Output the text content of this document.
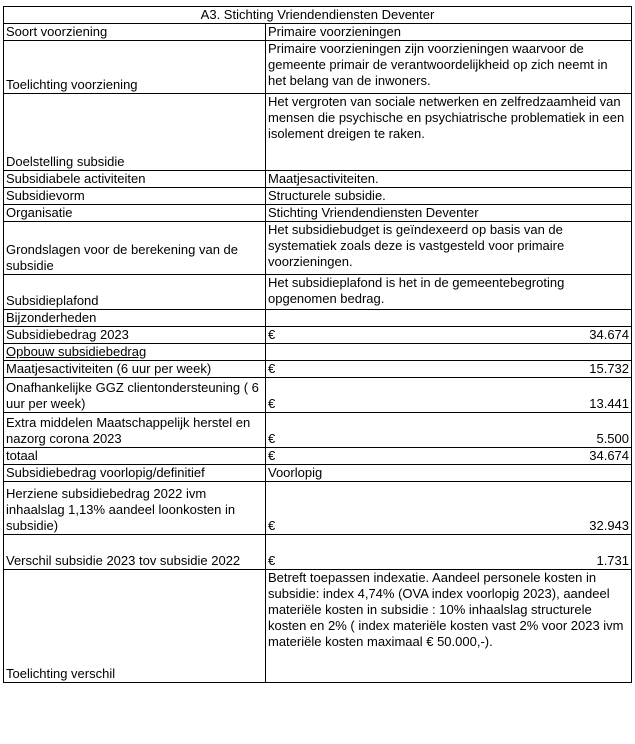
A3. Stichting Vriendendiensten Deventer	
Soort voorziening	Primaire voorzieningen
Toelichting voorziening	Primaire voorzieningen zijn voorzieningen waarvoor de gemeente primair de verantwoordelijkheid op zich neemt in het belang van de inwoners.
Doelstelling subsidie	Het vergroten van sociale netwerken en zelfredzaamheid van mensen die psychische en psychiatrische problematiek in een isolement dreigen te raken.
Subsidiabele activiteiten	Maatjesactiviteiten.
Subsidievorm	Structurele subsidie.
Organisatie	Stichting Vriendendiensten Deventer
Grondslagen voor de berekening van de subsidie	Het subsidiebudget is geïndexeerd op basis van de systematiek zoals deze is vastgesteld voor primaire voorzieningen.
Subsidieplafond	Het subsidieplafond is het in de gemeentebegroting opgenomen bedrag.
Bijzonderheden	
Subsidiebedrag 2023	€ 34.674

Opbouw subsidiebedrag	
Maatjesactiviteiten (6 uur per week)	€ 15.732

Onafhankelijke GGZ clientondersteuning ( 6 uur per week)	€ 13.441

Extra middelen Maatschappelijk herstel en nazorg corona 2023	€ 5.500

totaal	€ 34.674

Subsidiebedrag voorlopig/definitief	Voorlopig
Herziene subsidiebedrag 2022 ivm inhaalslag 1,13% aandeel loonkosten in subsidie)	€ 32.943

Verschil subsidie 2023 tov subsidie 2022	€ 1.731

Toelichting verschil	Betreft toepassen indexatie. Aandeel personele kosten in subsidie: index 4,74% (OVA index voorlopig 2023), aandeel materiële kosten in subsidie : 10% inhaalslag structurele kosten en 2% ( index materiële kosten vast 2% voor 2023 ivm materiële kosten maximaal € 50.000,-).
